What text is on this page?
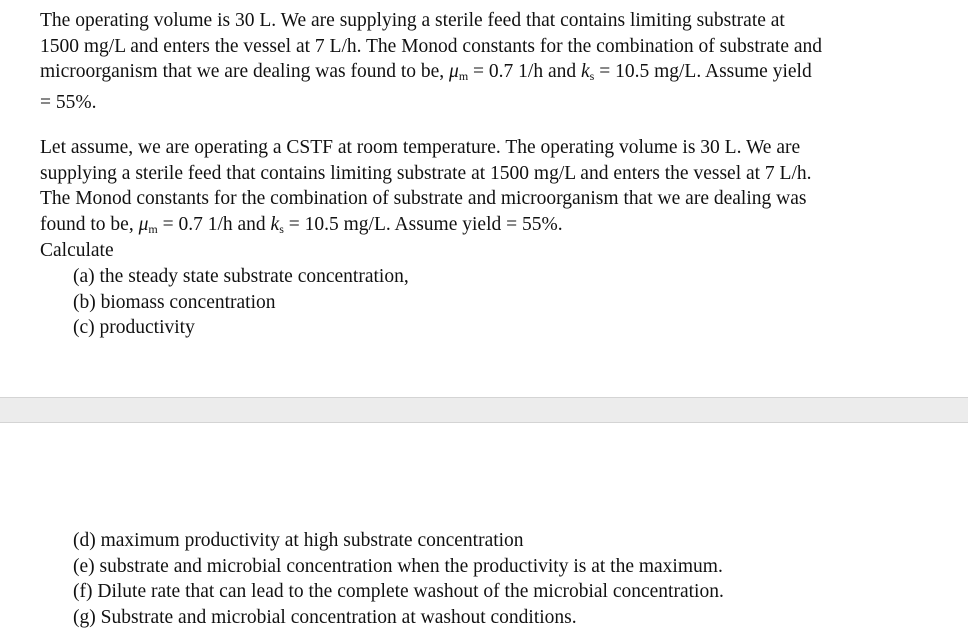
The operating volume is 30 L. We are supplying a sterile feed that contains limiting substrate at
1500 mg/L and enters the vessel at 7 L/h. The Monod constants for the combination of substrate and
microorganism that we are dealing was found to be, $\mu_m = 0.7$ 1/h and $k_s = 10.5$ mg/L. Assume yield
= 55%.
Let assume, we are operating a CSTF at room temperature. The operating volume is 30 L. We are
supplying a sterile feed that contains limiting substrate at 1500 mg/L and enters the vessel at 7 L/h.
The Monod constants for the combination of substrate and microorganism that we are dealing was
found to be, $\mu_m = 0.7$ 1/h and $k_s = 10.5$ mg/L. Assume yield = 55%.
Calculate
(a) the steady state substrate concentration,
(b) biomass concentration
(c) productivity
(d) maximum productivity at high substrate concentration
(e) substrate and microbial concentration when the productivity is at the maximum.
(f) Dilute rate that can lead to the complete washout of the microbial concentration.
(g) Substrate and microbial concentration at washout conditions.
